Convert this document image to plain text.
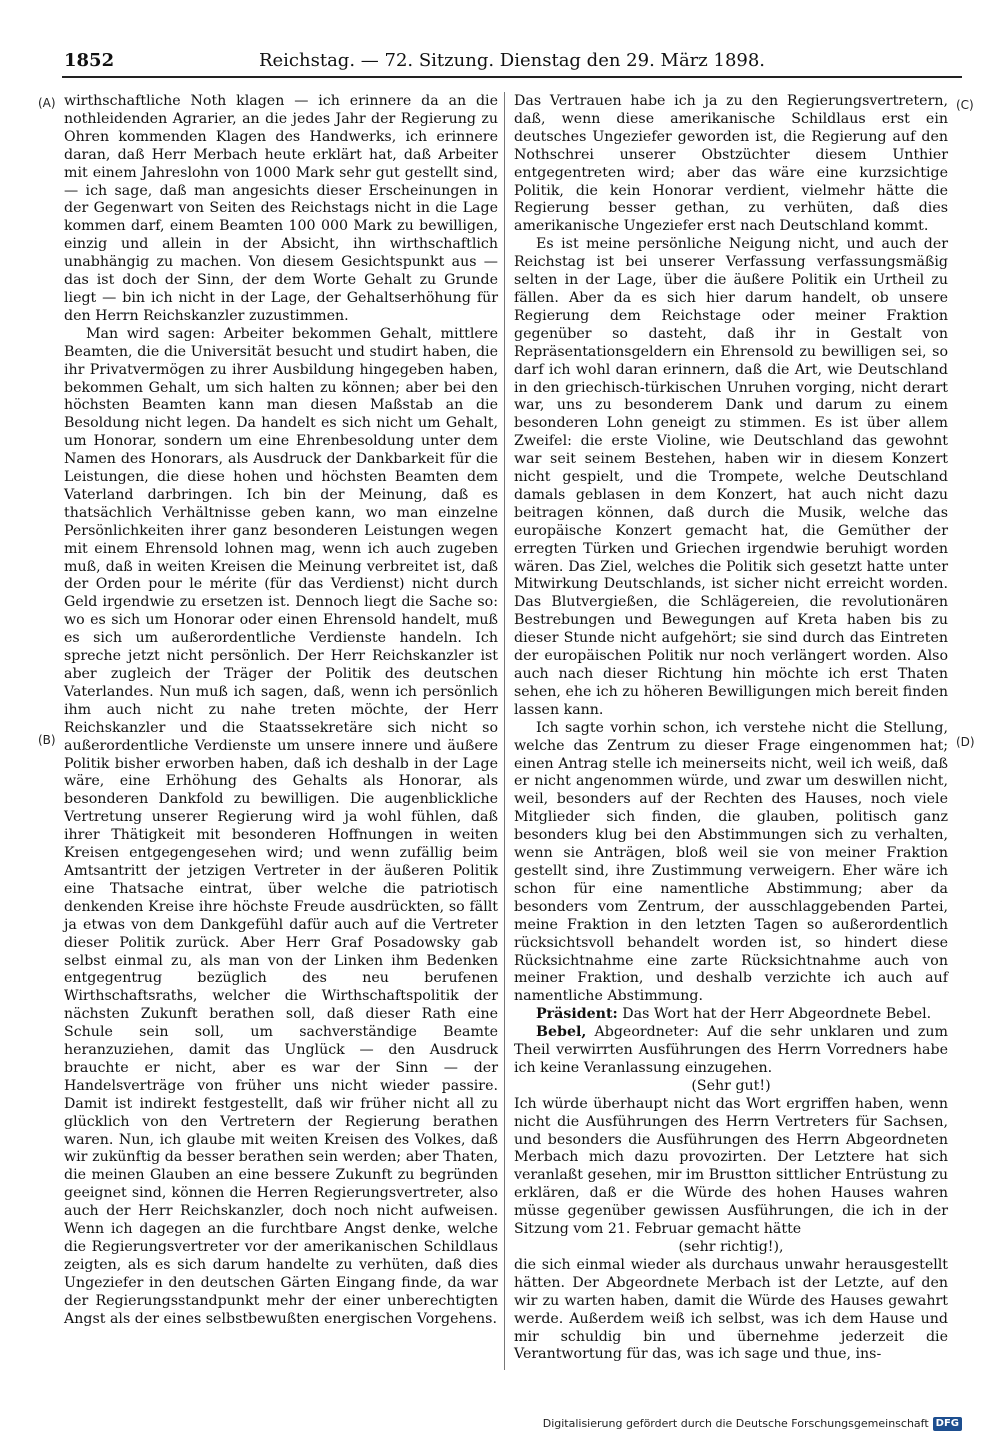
1852	Reichstag. — 72. Sitzung. Dienstag den 29. März 1898.
(A)
(B)
(C)
(D)

wirthschaftliche Noth klagen — ich erinnere da an die nothleidenden Agrarier, an die jedes Jahr der Regierung zu Ohren kommenden Klagen des Handwerks, ich erinnere daran, daß Herr Merbach heute erklärt hat, daß Arbeiter mit einem Jahreslohn von 1000 Mark sehr gut gestellt sind, — ich sage, daß man angesichts dieser Erscheinungen in der Gegenwart von Seiten des Reichstags nicht in die Lage kommen darf, einem Beamten 100 000 Mark zu bewilligen, einzig und allein in der Absicht, ihn wirthschaftlich unabhängig zu machen. Von diesem Gesichtspunkt aus — das ist doch der Sinn, der dem Worte Gehalt zu Grunde liegt — bin ich nicht in der Lage, der Gehaltserhöhung für den Herrn Reichskanzler zuzustimmen.

Man wird sagen: Arbeiter bekommen Gehalt, mittlere Beamten, die die Universität besucht und studirt haben, die ihr Privatvermögen zu ihrer Ausbildung hingegeben haben, bekommen Gehalt, um sich halten zu können; aber bei den höchsten Beamten kann man diesen Maßstab an die Besoldung nicht legen. Da handelt es sich nicht um Gehalt, um Honorar, sondern um eine Ehrenbesoldung unter dem Namen des Honorars, als Ausdruck der Dankbarkeit für die Leistungen, die diese hohen und höchsten Beamten dem Vaterland darbringen. Ich bin der Meinung, daß es thatsächlich Verhältnisse geben kann, wo man einzelne Persönlichkeiten ihrer ganz besonderen Leistungen wegen mit einem Ehrensold lohnen mag, wenn ich auch zugeben muß, daß in weiten Kreisen die Meinung verbreitet ist, daß der Orden pour le mérite (für das Verdienst) nicht durch Geld irgendwie zu ersetzen ist. Dennoch liegt die Sache so: wo es sich um Honorar oder einen Ehrensold handelt, muß es sich um außerordentliche Verdienste handeln. Ich spreche jetzt nicht persönlich. Der Herr Reichskanzler ist aber zugleich der Träger der Politik des deutschen Vaterlandes. Nun muß ich sagen, daß, wenn ich persönlich ihm auch nicht zu nahe treten möchte, der Herr Reichskanzler und die Staatssekretäre sich nicht so außerordentliche Verdienste um unsere innere und äußere Politik bisher erworben haben, daß ich deshalb in der Lage wäre, eine Erhöhung des Gehalts als Honorar, als besonderen Dankfold zu bewilligen. Die augenblickliche Vertretung unserer Regierung wird ja wohl fühlen, daß ihrer Thätigkeit mit besonderen Hoffnungen in weiten Kreisen entgegengesehen wird; und wenn zufällig beim Amtsantritt der jetzigen Vertreter in der äußeren Politik eine Thatsache eintrat, über welche die patriotisch denkenden Kreise ihre höchste Freude ausdrückten, so fällt ja etwas von dem Dankgefühl dafür auch auf die Vertreter dieser Politik zurück. Aber Herr Graf Posadowsky gab selbst einmal zu, als man von der Linken ihm Bedenken entgegentrug bezüglich des neu berufenen Wirthschaftsraths, welcher die Wirthschaftspolitik der nächsten Zukunft berathen soll, daß dieser Rath eine Schule sein soll, um sachverständige Beamte heranzuziehen, damit das Unglück — den Ausdruck brauchte er nicht, aber es war der Sinn — der Handelsverträge von früher uns nicht wieder passire. Damit ist indirekt festgestellt, daß wir früher nicht all zu glücklich von den Vertretern der Regierung berathen waren. Nun, ich glaube mit weiten Kreisen des Volkes, daß wir zukünftig da besser berathen sein werden; aber Thaten, die meinen Glauben an eine bessere Zukunft zu begründen geeignet sind, können die Herren Regierungsvertreter, also auch der Herr Reichskanzler, doch noch nicht aufweisen. Wenn ich dagegen an die furchtbare Angst denke, welche die Regierungsvertreter vor der amerikanischen Schildlaus zeigten, als es sich darum handelte zu verhüten, daß dies Ungeziefer in den deutschen Gärten Eingang finde, da war der Regierungsstandpunkt mehr der einer unberechtigten Angst als der eines selbstbewußten energischen Vorgehens.

Das Vertrauen habe ich ja zu den Regierungsvertretern, daß, wenn diese amerikanische Schildlaus erst ein deutsches Ungeziefer geworden ist, die Regierung auf den Nothschrei unserer Obstzüchter diesem Unthier entgegentreten wird; aber das wäre eine kurzsichtige Politik, die kein Honorar verdient, vielmehr hätte die Regierung besser gethan, zu verhüten, daß dies amerikanische Ungeziefer erst nach Deutschland kommt.

Es ist meine persönliche Neigung nicht, und auch der Reichstag ist bei unserer Verfassung verfassungsmäßig selten in der Lage, über die äußere Politik ein Urtheil zu fällen. Aber da es sich hier darum handelt, ob unsere Regierung dem Reichstage oder meiner Fraktion gegenüber so dasteht, daß ihr in Gestalt von Repräsentationsgeldern ein Ehrensold zu bewilligen sei, so darf ich wohl daran erinnern, daß die Art, wie Deutschland in den griechisch-türkischen Unruhen vorging, nicht derart war, uns zu besonderem Dank und darum zu einem besonderen Lohn geneigt zu stimmen. Es ist über allem Zweifel: die erste Violine, wie Deutschland das gewohnt war seit seinem Bestehen, haben wir in diesem Konzert nicht gespielt, und die Trompete, welche Deutschland damals geblasen in dem Konzert, hat auch nicht dazu beitragen können, daß durch die Musik, welche das europäische Konzert gemacht hat, die Gemüther der erregten Türken und Griechen irgendwie beruhigt worden wären. Das Ziel, welches die Politik sich gesetzt hatte unter Mitwirkung Deutschlands, ist sicher nicht erreicht worden. Das Blutvergießen, die Schlägereien, die revolutionären Bestrebungen und Bewegungen auf Kreta haben bis zu dieser Stunde nicht aufgehört; sie sind durch das Eintreten der europäischen Politik nur noch verlängert worden. Also auch nach dieser Richtung hin möchte ich erst Thaten sehen, ehe ich zu höheren Bewilligungen mich bereit finden lassen kann.

Ich sagte vorhin schon, ich verstehe nicht die Stellung, welche das Zentrum zu dieser Frage eingenommen hat; einen Antrag stelle ich meinerseits nicht, weil ich weiß, daß er nicht angenommen würde, und zwar um deswillen nicht, weil, besonders auf der Rechten des Hauses, noch viele Mitglieder sich finden, die glauben, politisch ganz besonders klug bei den Abstimmungen sich zu verhalten, wenn sie Anträgen, bloß weil sie von meiner Fraktion gestellt sind, ihre Zustimmung verweigern. Eher wäre ich schon für eine namentliche Abstimmung; aber da besonders vom Zentrum, der ausschlaggebenden Partei, meine Fraktion in den letzten Tagen so außerordentlich rücksichtsvoll behandelt worden ist, so hindert diese Rücksichtnahme eine zarte Rücksichtnahme auch von meiner Fraktion, und deshalb verzichte ich auch auf namentliche Abstimmung.

Präsident: Das Wort hat der Herr Abgeordnete Bebel.

Bebel, Abgeordneter: Auf die sehr unklaren und zum Theil verwirrten Ausführungen des Herrn Vorredners habe ich keine Veranlassung einzugehen.

(Sehr gut!)

Ich würde überhaupt nicht das Wort ergriffen haben, wenn nicht die Ausführungen des Herrn Vertreters für Sachsen, und besonders die Ausführungen des Herrn Abgeordneten Merbach mich dazu provozirten. Der Letztere hat sich veranlaßt gesehen, mir im Brustton sittlicher Entrüstung zu erklären, daß er die Würde des hohen Hauses wahren müsse gegenüber gewissen Ausführungen, die ich in der Sitzung vom 21. Februar gemacht hätte

(sehr richtig!),

die sich einmal wieder als durchaus unwahr herausgestellt hätten. Der Abgeordnete Merbach ist der Letzte, auf den wir zu warten haben, damit die Würde des Hauses gewahrt werde. Außerdem weiß ich selbst, was ich dem Hause und mir schuldig bin und übernehme jederzeit die Verantwortung für das, was ich sage und thue, ins-

Digitalisierung gefördert durch die Deutsche Forschungsgemeinschaft DFG
